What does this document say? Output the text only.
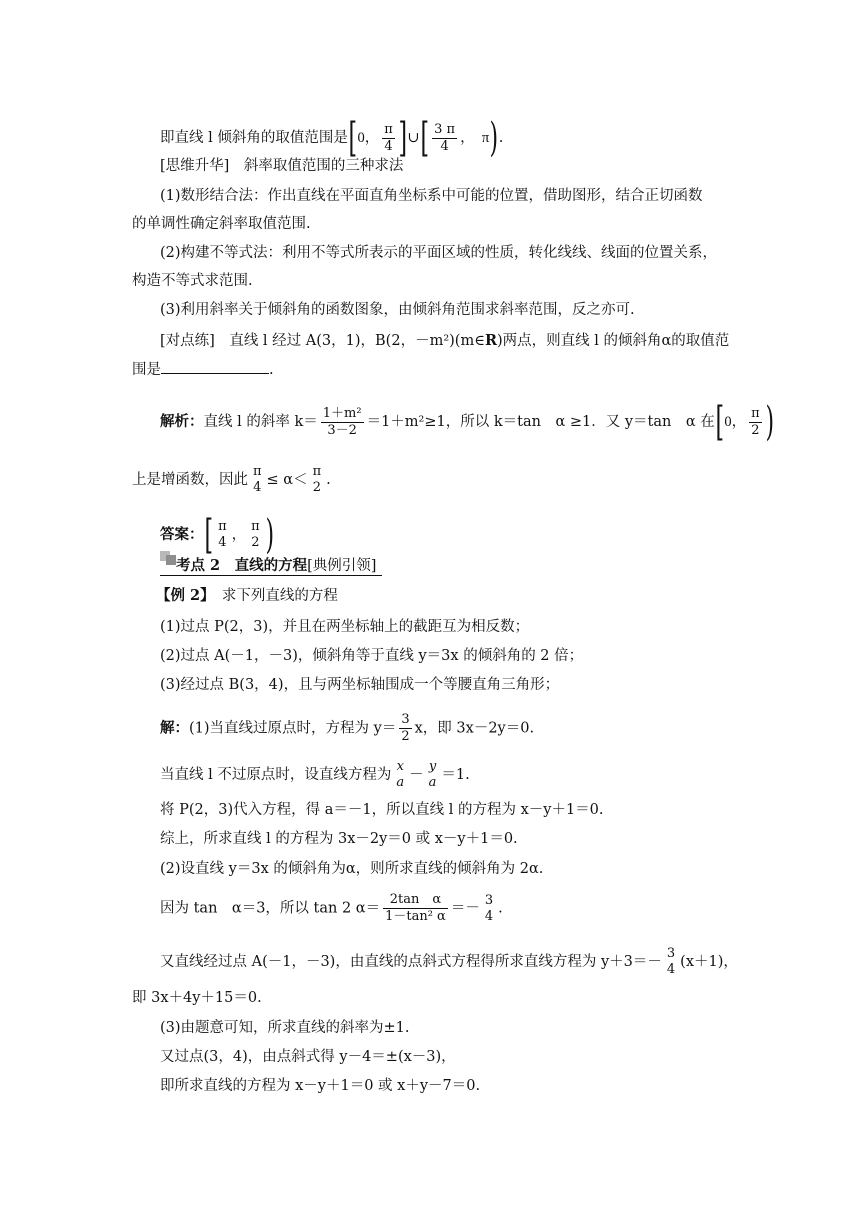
即直线 l 倾斜角的取值范围是[0， $\frac{\pi}{4}$ ]∪[ $\frac{3 \pi}{4}$ ，　π).
[思维升华]　 斜率取值范围的三种求法
(1)数形结合法：作出直线在平面直角坐标系中可能的位置，借助图形，结合正切函数
的单调性确定斜率取值范围.
(2)构建不等式法：利用不等式所表示的平面区域的性质，转化线线、线面的位置关系，
构造不等式求范围.
(3)利用斜率关于倾斜角的函数图象，由倾斜角范围求斜率范围，反之亦可.
[对点练]　 直线 l 经过 A(3，1)，B(2，－m²)(m∈R)两点，则直线 l 的倾斜角α的取值范
围是	.
解析：直线 l 的斜率 $k= \frac{\text{1＋m²}}{3-2} =1+m^2\ge 1$，所以 k＝tan　α ≥1．又 y＝tan　α 在[0， $\frac{\pi}{2}$ )
上是增函数，因此
π
4 ≤ α＜
π
2 .
答案：[ π
4 ，
π
2 )
考点 2　直线的方程[典例引领]
【例 2】　 求下列直线的方程
(1)过点 P(2，3)，并且在两坐标轴上的截距互为相反数；
(2)过点 A(－1，－3)，倾斜角等于直线 y＝3x 的倾斜角的 2 倍；
(3)经过点 B(3，4)，且与两坐标轴围成一个等腰直角三角形；
解：(1)当直线过原点时，方程为 $y= \frac{3}{2}$ x，即 3x－2y＝0.
当直线 l 不过原点时，设直线方程为
x
a －
y
a ＝1.
将 P(2，3)代入方程，得 a＝－1，所以直线 l 的方程为 x－y＋1＝0.
综上，所求直线 l 的方程为 3x－2y＝0 或 x－y＋1＝0.
(2)设直线 y＝3x 的倾斜角为α，则所求直线的倾斜角为 2α.
因为 tan　α＝3，所以 tan 2 $\alpha= \frac{\text{2tan　α}}{\text{1－tan² α}}$ ＝－
3
4 .
又直线经过点 A(－1，－3)，由直线的点斜式方程得所求直线方程为 y＋3＝－
3
4 (x＋1)，
即 3x＋4y＋15＝0.
(3)由题意可知，所求直线的斜率为±1.
又过点(3，4)，由点斜式得 y－4＝±(x－3)，
即所求直线的方程为 x－y＋1＝0 或 x＋y－7＝0.
